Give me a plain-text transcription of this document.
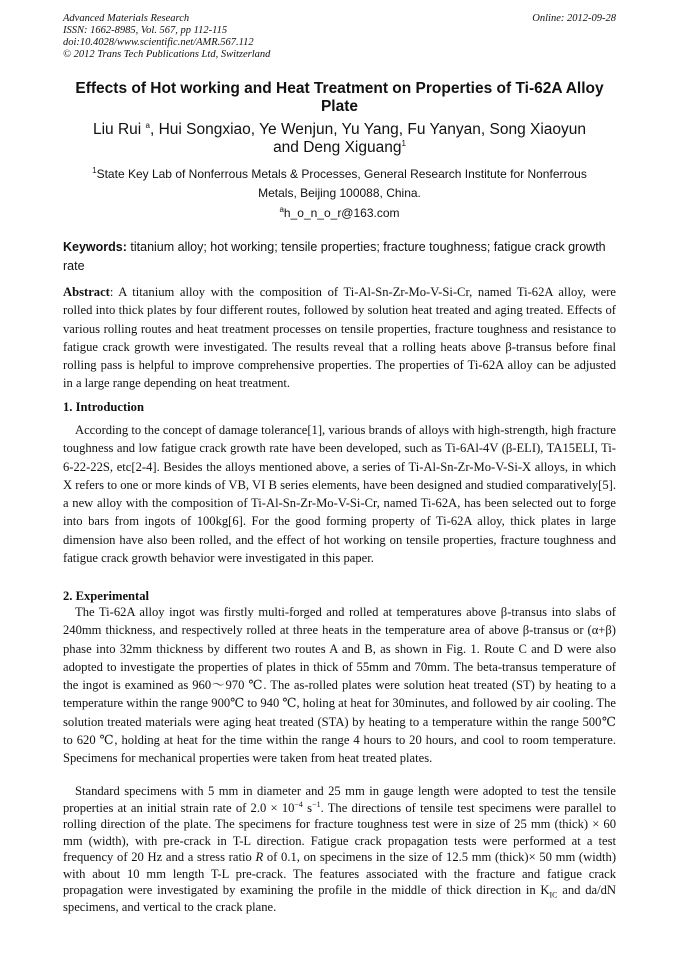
Advanced Materials Research
ISSN: 1662-8985, Vol. 567, pp 112-115
doi:10.4028/www.scientific.net/AMR.567.112
© 2012 Trans Tech Publications Ltd, Switzerland
Online: 2012-09-28
Effects of Hot working and Heat Treatment on Properties of Ti-62A Alloy Plate
Liu Rui $^a$, Hui Songxiao, Ye Wenjun, Yu Yang, Fu Yanyan, Song Xiaoyun
and Deng Xiguang$^1$
$^1$State Key Lab of Nonferrous Metals & Processes, General Research Institute for Nonferrous
Metals, Beijing 100088, China.
$^a$h_o_n_o_r@163.com
Keywords: titanium alloy; hot working; tensile properties; fracture toughness; fatigue crack growth rate

Abstract: A titanium alloy with the composition of Ti-Al-Sn-Zr-Mo-V-Si-Cr, named Ti-62A alloy, were rolled into thick plates by four different routes, followed by solution heat treated and aging treated. Effects of various rolling routes and heat treatment processes on tensile properties, fracture toughness and resistance to fatigue crack growth were investigated. The results reveal that a rolling heats above β-transus before final rolling pass is helpful to improve comprehensive properties. The properties of Ti-62A alloy can be adjusted in a large range depending on heat treatment.

1. Introduction

According to the concept of damage tolerance[1], various brands of alloys with high-strength, high fracture toughness and low fatigue crack growth rate have been developed, such as Ti-6Al-4V (β-ELI), TA15ELI, Ti-6-22-22S, etc[2-4]. Besides the alloys mentioned above, a series of Ti-Al-Sn-Zr-Mo-V-Si-X alloys, in which X refers to one or more kinds of VB, VI B series elements, have been designed and studied comparatively[5]. a new alloy with the composition of Ti-Al-Sn-Zr-Mo-V-Si-Cr, named Ti-62A, has been selected out to forge into bars from ingots of 100kg[6]. For the good forming property of Ti-62A alloy, thick plates in large dimension have also been rolled, and the effect of hot working on tensile properties, fracture toughness and fatigue crack growth behavior were investigated in this paper.

2. Experimental

The Ti-62A alloy ingot was firstly multi-forged and rolled at temperatures above β-transus into slabs of 240mm thickness, and respectively rolled at three heats in the temperature area of above β-transus or (α+β) phase into 32mm thickness by different two routes A and B, as shown in Fig. 1. Route C and D were also adopted to investigate the properties of plates in thick of 55mm and 70mm. The beta-transus temperature of the ingot is examined as 960～970 ℃. The as-rolled plates were solution heat treated (ST) by heating to a temperature within the range 900℃ to 940 ℃, holing at heat for 30minutes, and followed by air cooling. The solution treated materials were aging heat treated (STA) by heating to a temperature within the range 500℃ to 620 ℃, holding at heat for the time within the range 4 hours to 20 hours, and cool to room temperature. Specimens for mechanical properties were taken from heat treated plates.

Standard specimens with 5 mm in diameter and 25 mm in gauge length were adopted to test the tensile properties at an initial strain rate of $2.0 \times 10^{-4}$ $s^{-1}$. The directions of tensile test specimens were parallel to rolling direction of the plate. The specimens for fracture toughness test were in size of 25 mm (thick) × 60 mm (width), with pre-crack in T-L direction. Fatigue crack propagation tests were performed at a test frequency of 20 Hz and a stress ratio R of 0.1, on specimens in the size of 12.5 mm (thick)× 50 mm (width) with about 10 mm length T-L pre-crack. The features associated with the fracture and fatigue crack propagation were investigated by examining the profile in the middle of thick direction in $K_{IC}$ and da/dN specimens, and vertical to the crack plane.
